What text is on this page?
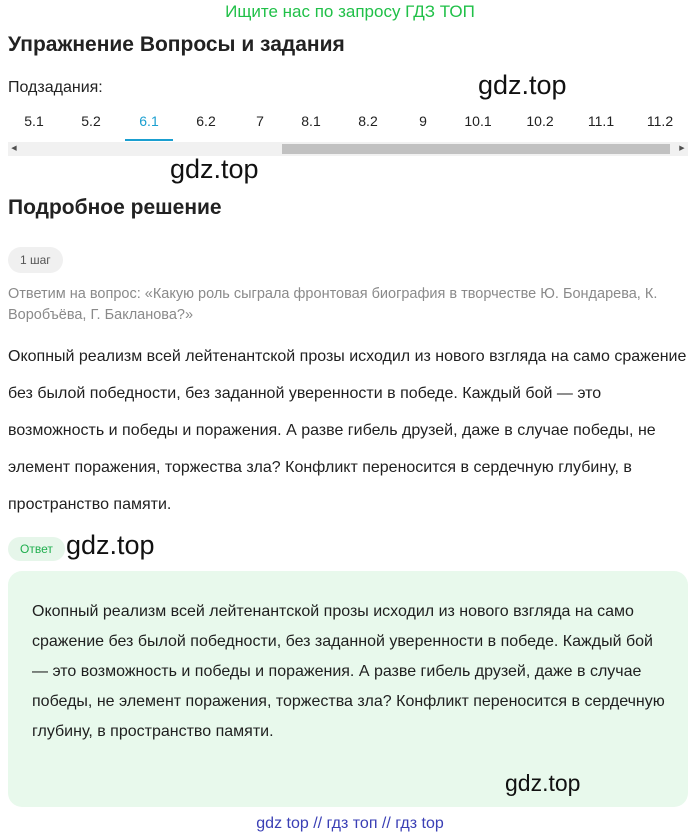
Ищите нас по запросу ГДЗ ТОП
Упражнение Вопросы и задания
Подзадания:
5.1	5.2	6.1	6.2	7	8.1	8.2	9	10.1	10.2	11.1	11.2
◀	▶
gdz.top
gdz.top
Подробное решение
1 шаг

Ответим на вопрос: «Какую роль сыграла фронтовая биография в творчестве Ю. Бондарева, К. Воробъёва, Г. Бакланова?»

Окопный реализм всей лейтенантской прозы исходил из нового взгляда на само сражение без былой победности, без заданной уверенности в победе. Каждый бой — это возможность и победы и поражения. А разве гибель друзей, даже в случае победы, не элемент поражения, торжества зла? Конфликт переносится в сердечную глубину, в пространство памяти.

Ответ gdz.top

Окопный реализм всей лейтенантской прозы исходил из нового взгляда на само сражение без былой победности, без заданной уверенности в победе. Каждый бой — это возможность и победы и поражения. А разве гибель друзей, даже в случае победы, не элемент поражения, торжества зла? Конфликт переносится в сердечную глубину, в пространство памяти.

gdz.top
gdz top // гдз топ // гдз top
